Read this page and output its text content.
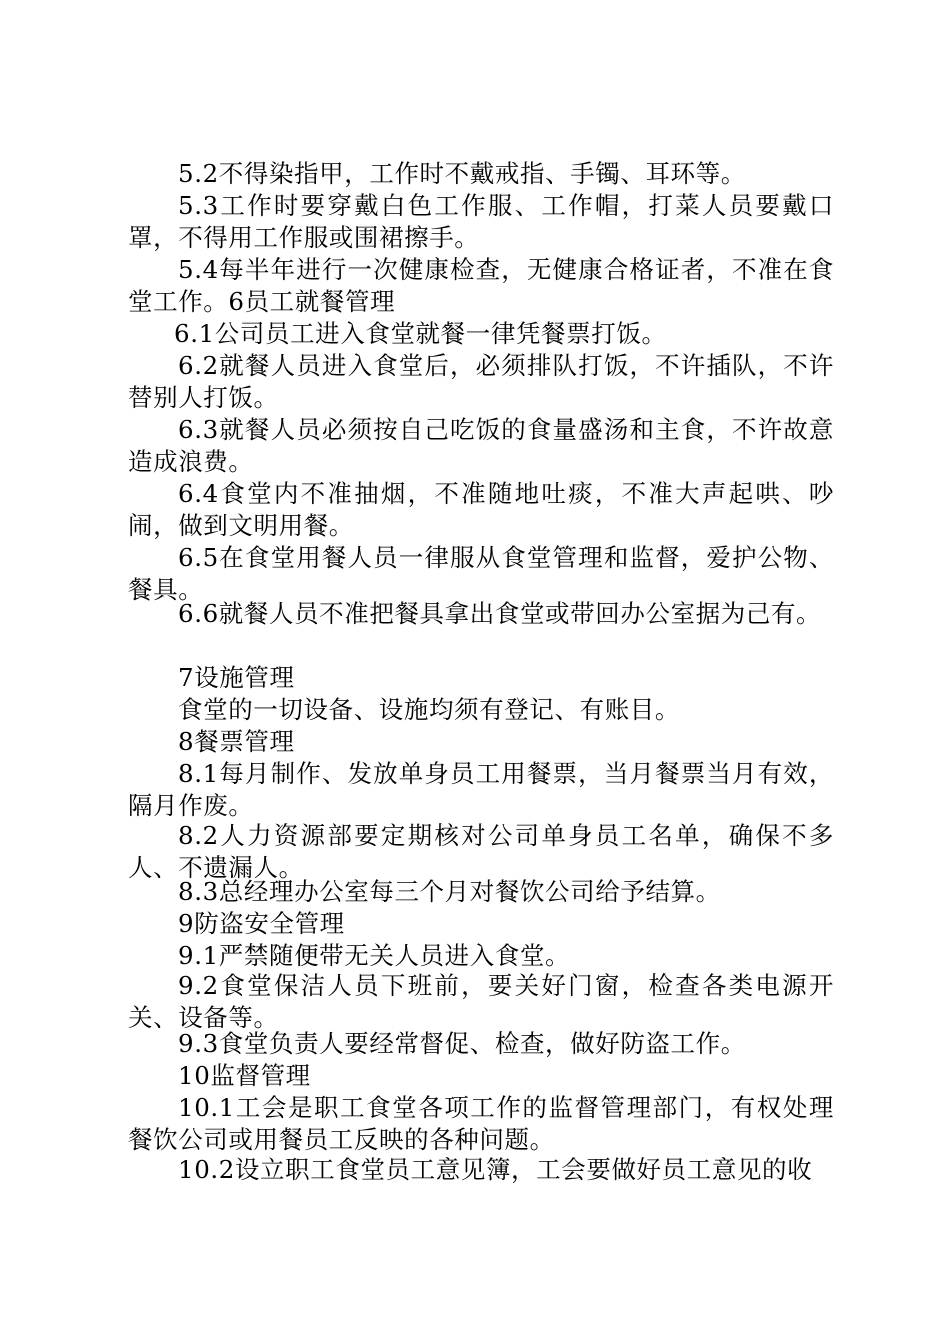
5.2不得染指甲，工作时不戴戒指、手镯、耳环等。

5.3工作时要穿戴白色工作服、工作帽，打菜人员要戴口罩，不得用工作服或围裙擦手。

5.4每半年进行一次健康检查，无健康合格证者，不准在食堂工作。6员工就餐管理

6.1公司员工进入食堂就餐一律凭餐票打饭。

6.2就餐人员进入食堂后，必须排队打饭，不许插队，不许替别人打饭。

6.3就餐人员必须按自己吃饭的食量盛汤和主食，不许故意造成浪费。

6.4食堂内不准抽烟，不准随地吐痰，不准大声起哄、吵闹，做到文明用餐。

6.5在食堂用餐人员一律服从食堂管理和监督，爱护公物、餐具。

6.6就餐人员不准把餐具拿出食堂或带回办公室据为己有。

7设施管理

食堂的一切设备、设施均须有登记、有账目。

8餐票管理

8.1每月制作、发放单身员工用餐票，当月餐票当月有效，隔月作废。

8.2人力资源部要定期核对公司单身员工名单，确保不多人、不遗漏人。

8.3总经理办公室每三个月对餐饮公司给予结算。

9防盗安全管理

9.1严禁随便带无关人员进入食堂。

9.2食堂保洁人员下班前，要关好门窗，检查各类电源开关、设备等。

9.3食堂负责人要经常督促、检查，做好防盗工作。

10监督管理

10.1工会是职工食堂各项工作的监督管理部门，有权处理餐饮公司或用餐员工反映的各种问题。

10.2设立职工食堂员工意见簿，工会要做好员工意见的收
